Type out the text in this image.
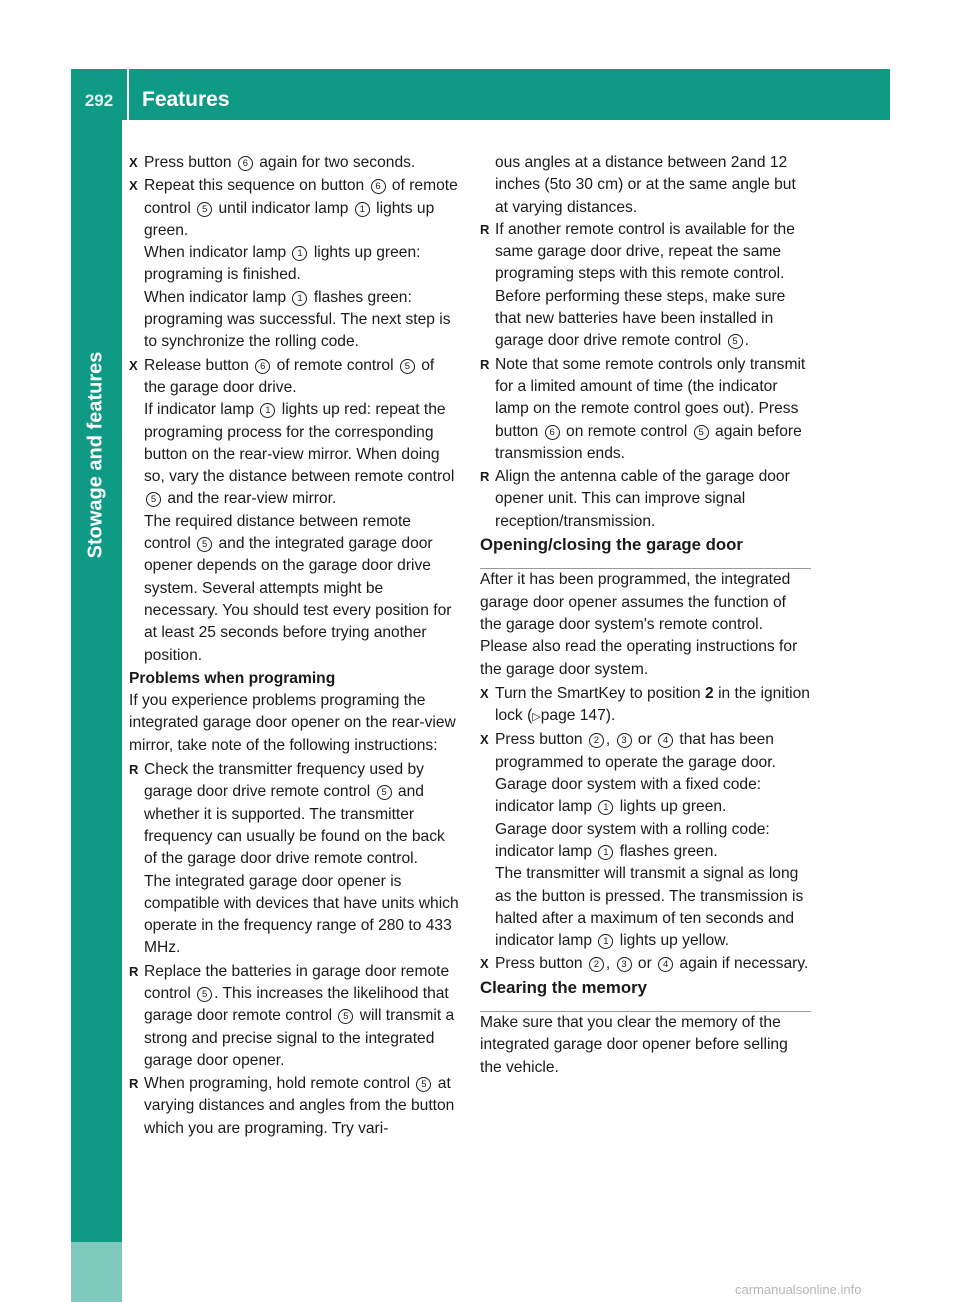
292	Features
Stowage and features
X Press button 6 again for two seconds.
X Repeat this sequence on button 6 of remote control 5 until indicator lamp 1 lights up green.
When indicator lamp 1 lights up green: programing is finished.

When indicator lamp 1 flashes green: programing was successful. The next step is to synchronize the rolling code.

X Release button 6 of remote control 5 of the garage door drive.
If indicator lamp 1 lights up red: repeat the programing process for the corresponding button on the rear-view mirror. When doing so, vary the distance between remote control 5 and the rear-view mirror.

The required distance between remote control 5 and the integrated garage door opener depends on the garage door drive system. Several attempts might be necessary. You should test every position for at least 25 seconds before trying another position.

Problems when programing

If you experience problems programing the integrated garage door opener on the rear-view mirror, take note of the following instructions:

R Check the transmitter frequency used by garage door drive remote control 5 and whether it is supported. The transmitter frequency can usually be found on the back of the garage door drive remote control.

The integrated garage door opener is compatible with devices that have units which operate in the frequency range of 280 to 433 MHz.

R Replace the batteries in garage door remote control 5 . This increases the likelihood that garage door remote control 5 will transmit a strong and precise signal to the integrated garage door opener.
R When programing, hold remote control 5 at varying distances and angles from the button which you are programing. Try vari-

ous angles at a distance between 2and 12 inches (5to 30 cm) or at the same angle but at varying distances.

R If another remote control is available for the same garage door drive, repeat the same programing steps with this remote control. Before performing these steps, make sure that new batteries have been installed in garage door drive remote control 5 .
R Note that some remote controls only transmit for a limited amount of time (the indicator lamp on the remote control goes out). Press button 6 on remote control 5 again before transmission ends.
R Align the antenna cable of the garage door opener unit. This can improve signal reception/transmission.

Opening/closing the garage door

After it has been programmed, the integrated garage door opener assumes the function of the garage door system's remote control. Please also read the operating instructions for the garage door system.

X Turn the SmartKey to position 2 in the ignition lock (▷page 147).
X Press button 2 , 3 or 4 that has been programmed to operate the garage door.
Garage door system with a fixed code: indicator lamp 1 lights up green.

Garage door system with a rolling code: indicator lamp 1 flashes green.

The transmitter will transmit a signal as long as the button is pressed. The transmission is halted after a maximum of ten seconds and indicator lamp 1 lights up yellow.

X Press button 2 , 3 or 4 again if necessary.

Clearing the memory

Make sure that you clear the memory of the integrated garage door opener before selling the vehicle.

carmanualsonline.info
